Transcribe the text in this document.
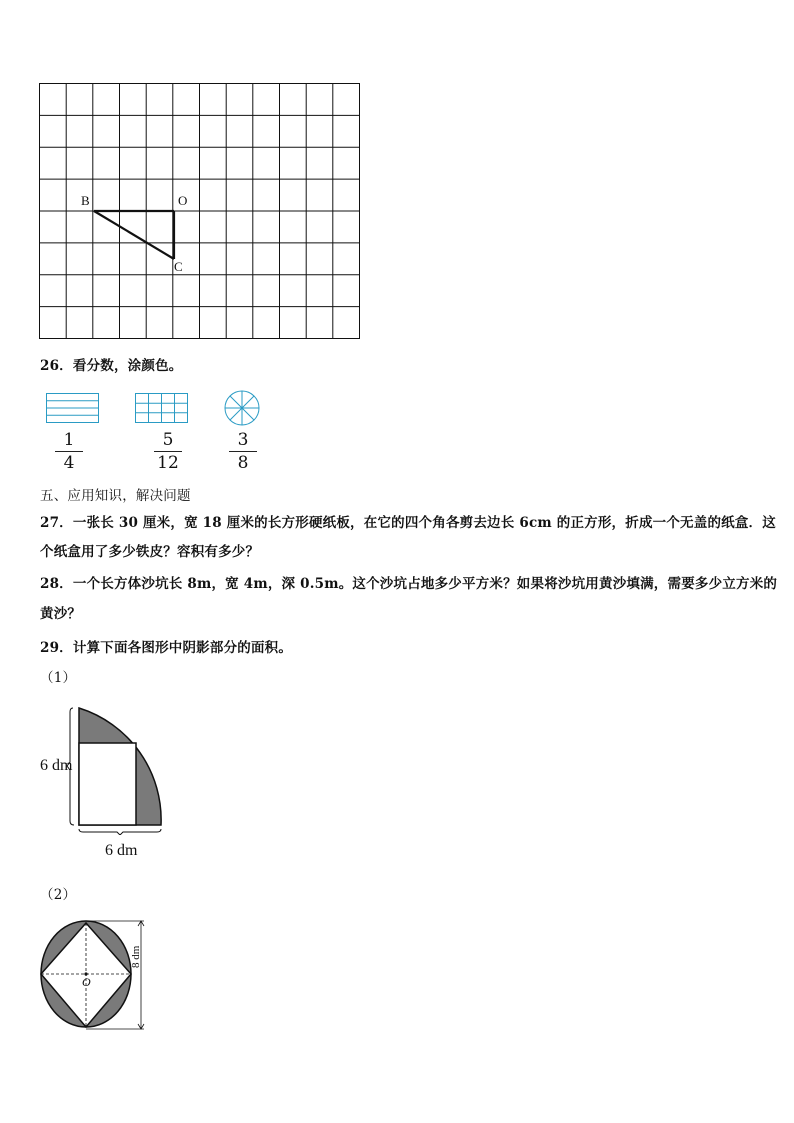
B	O
C
26．看分数，涂颜色。
1
4
5
12
3
8
五、应用知识，解决问题
27．一张长 30 厘米，宽 18 厘米的长方形硬纸板，在它的四个角各剪去边长 6cm 的正方形，折成一个无盖的纸盒．这
个纸盒用了多少铁皮？容积有多少？
28．一个长方体沙坑长 8m，宽 4m，深 0.5m。这个沙坑占地多少平方米？如果将沙坑用黄沙填满，需要多少立方米的
黄沙？
29．计算下面各图形中阴影部分的面积。
（1）
6 dm
6 dm
（2）
O
8 dm
